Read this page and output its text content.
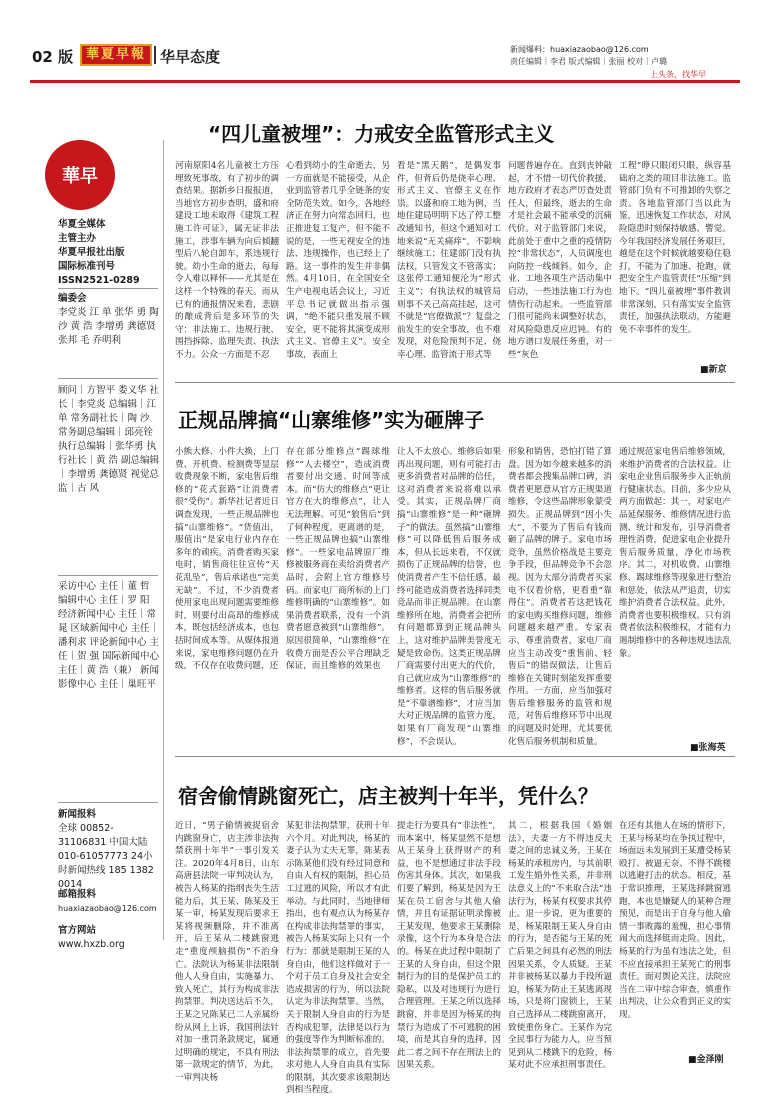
02 版 華夏早報 华早态度	新闻爆料：huaxiazaobao@126.com
责任编辑｜李君 版式编辑｜张丽 校对｜卢璐
上头条，找华早
華早
华夏全媒体
主管主办
华夏早报社出版
国际标准刊号
ISSN2521-0289
编委会
李党炎 江 单 张华 勇 陶 沙 黄 浩 李增勇 龚德贤 张邦 毛 乔明利
顾问｜方智平 娄义华 社长｜李党炎 总编辑｜江 单 常务副社长｜陶 沙 常务副总编辑｜邱亮铨 执行总编辑｜张华勇 执行社长｜黄 浩 副总编辑｜李增勇 龚德贤 视觉总监｜古 风
采访中心 主任｜董 哲 编辑中心 主任｜罗 阳 经济新闻中心 主任｜常 晁 区域新闻中心 主任｜潘利求 评论新闻中心 主任｜贺 强 国际新闻中心 主任｜黄 浩（兼） 新闻影像中心 主任｜巢旺平
新闻报料
全球 00852-31106831 中国大陆 010-61057773 24小时新闻热线 185 1382 0014
邮箱报料
huaxiazaobao@126.com
官方网站
www.hxzb.org
“四儿童被埋”：力戒安全监管形式主义
河南原阳4名儿童被土方压埋致死事故，有了初步的调查结果。据新乡日报报道，当地官方初步查明，盛和府建设工地未取得《建筑工程施工许可证》，属无证非法施工，涉事车辆为向后倾翻型后八轮自卸车，系违规行驶。幼小生命的逝去，每每令人难以释怀——尤其是在这样一个特殊的春天。而从已有的通报情况来看，悲剧的酿成背后是多环节的失守：非法施工、违规行驶、围挡拆除、监理失责、执法不力。公众一方面是不忍
心看到幼小的生命逝去，另一方面就是不能接受，从企业到监管者几乎全链条的安全防范失效。如今，各地经济正在努力向常态回归，也正推进复工复产，但不能不说的是，一些无视安全的违法、违规操作，也已经上了路。这一事件的发生并非偶然。4月10日，在全国安全生产电视电话会议上，习近平总书记就做出指示强调，“绝不能只重发展不顾安全，更不能将其演变成形式主义、官僚主义”。安全事故，表面上
看是“黑天鹅”，是偶发事件，但背后仍是侥幸心理、形式主义、官僚主义在作祟。以盛和府工地为例，当地住建局明明下达了停工整改通知书，但这个通知对工地来说“无关痛痒”，不影响继续施工；住建部门没有执法权，只管发文不管落实；这张停工通知便沦为“形式主义”；有执法权的城管局则事不关己高高挂起，这可不就是“官僚做派”？复盘之前发生的安全事故，也不难发现，对危险预判不足、侥幸心理、监管流于形式等
问题普遍存在。直到丧钟敲起，才不惜一切代价救援，地方政府才表态严厉查处责任人，但最终，逝去的生命才是社会最不能承受的沉痛代价。对于监管部门来说，此前处于重中之重的疫情防控“非常状态”，人员调度也向防控一线倾斜。如今，企业、工地各项生产活动集中启动，一些违法施工行为也情伤行动起来。一些监管部门很可能尚未调整好状态，对风险隐患反应迟钝。有的地方谱口发展任务重，对一些“灰色
工程”睁只眼闭只眼，纵容基础府之类的项目非法施工。监管部门负有不可推卸的失察之责。各地监管部门当以此为鉴，迅速恢复工作状态，对风险隐患时刻保持敏感、警觉。今年我国经济发展任务艰巨，越是在这个时候就越要稳住稳打，不能为了加速、抢跑，就把安全生产监管责任“压缩”到地下。“四儿童被埋”事件教训非常深刻，只有落实安全监管责任，加强执法联动，方能避免不幸事件的发生。
■新京
正规品牌搞“山寨维修”实为砸牌子
小熊大修、小件大换，上门费、开机费、检测费等显层收费现象不断，家电售后维修的“花式套路”让消费者很“受伤”。新华社记者近日调查发现，一些正规品牌也搞“山寨维修”。“货值出，服值出”是家电行业内存在多年的顽疾。消费者购买家电时，销售商往往宣传“天花乱坠”，售后承诺也“完美无缺”。不过，不少消费者使用家电出现问题需要维修时，则要付出高昂的维修成本，既包括经济成本，也包括时间成本等。从媒体报道来说，家电维修问题仍在升级，不仅存在收费问题，还
存在部分维修点“踢球维修”“人去楼空”，造成消费者要付出交通、时间等成本。而“仿大的维修点”更让官方在大的维修点”，让人无法理解。可见“狼售后”到了何种程度。更离谱的是，一些正规品牌也搞“山寨维修”。一些家电品牌原厂维修被服务商在卖给消费者产品时，会附上官方维修号码。而家电厂商所标的上门维修明确的“山寨维修”。如果消费者联系，没有一个消费者愿意被到“山寨维修”。原因很简单，“山寨维修”在收费方面是否公平合理缺乏保证，而且维修的效果也
让人不太放心。维修后如果再出现问题，则有可能打击更多消费者对品牌的信任，这对消费者来说将难以承受。其实，正规品牌厂商搞“山寨维修”是一种“砸牌子”的做法。虽然搞“山寨维修”可以降低售后服务成本，但从长远来看，不仅就损伤了正规品牌的信誉，也使消费者产生不信任感，最终可能造成消费者选择同类竞品而非正规品牌。在山寨维修所在地，消费者会把所有问题都算到正规品牌头上，这对维护品牌美誉度无疑是致命伤。这类正规品牌厂商需要付出更大的代价，自己就应成为“山寨维修”的维修者。这样的售后服务就是“不靠谱维修”，才应当加大对正规品牌的监管力度，如果有厂商发现“山寨维修”，不会误认。
形象和销售，恐怕打错了算盘。因为如今越来越多的消费者都会搜集品牌口碑，消费者更愿意从官方正规渠道维修，令这些品牌形象蒙受损失。正规品牌到“因小失大”，不要为了售后有钱而砸了品牌的牌子。家电市场竞争，虽然价格战是主要竞争手段，但品牌竞争不会忽视。因为大部分消费者买家电不仅看价格，更看重“靠得住”。消费者若这把钱花的家电购买维修问题，维修问题越来越严重。专家表示，尊重消费者，家电厂商应当主动改变“重售前、轻售后”的错误做法，让售后维修在关键时刻能发挥重要作用。一方面，应当加强对售后维修服务的监管和规范，对售后维修环节中出现的问题及时处理，尤其要优化售后服务机制和质量。
通过规范家电售后维修领域，来维护消费者的合法权益。让家电企业售后服务步入正轨前行健康状态。目前，多少应从两方面做起：其一，对家电产品延保服务、维修情况进行监测、统计和发布，引导消费者理性消费，促进家电企业提升售后服务质量，净化市场秩序。其二，对机收费、山寨维修、踢球维修等现象进行整治和惩处，依法从严追责，切实维护消费者合法权益。此外，消费者也要积极维权。只有消费者依法积极维权，才能有力遏制维修中的各种违规违法乱象。
■张海英
宿舍偷情跳窗死亡，店主被判十年半，凭什么？
近日，“男子偷情被捉宿舍内跳窗身亡，店主涉非法拘禁获刑十年半”一事引发关注。2020年4月8日，山东高唐县法院一审判决认为，被告人杨某的指纲丧失生活能力后，其王某、陈某及王某一审，杨某发现后要求王某将视频删除，并不准离开，后王某从二楼跳窗逃走“重度颅脑损伤”不治身亡。法院认为杨某非法限制他人人身自由，实施暴力、致人死亡，其行为构成非法拘禁罪。判决送达后不久，王某之兄陈某已二人亲属纷纷从网上上诉，我国刑法针对加一重罚条款规定，属通过明确的规定，不具有刑法第一款规定的情节，为此，一审判决杨
某犯非法拘禁罪，获刑十年六个月。对此判决，杨某的妻子认为丈夫无罪，陈某表示陈某他们没有经过同意和自由人有权的限制，担心员工过逃的风险，所以才有此举动。与此同时，当地律师指出，也有观点认为杨某存在构成非法拘禁罪的事实，被告人杨某实际上只有一个行为：那就是限制王某的人身自由，他们这样做对于一个对于员工自身及社会安全造成损害的行为，所以法院认定为非法拘禁罪。当然，关于限制人身自由的行为是否构成犯罪，法律是以行为的强度等作为判断标准的。非法拘禁罪的成立，首先要求对他人人身自由具有实际的限制，其次要求该限制达到相当程度。
提走行为要具有“非法性”，而本案中，杨某显然不是想从王某身上获得财产的利益，也不是想通过非法手段伤害其身体。其次，如果我们要了解到，杨某是因为王某在员工宿舍与其他人偷情，并且有证据证明录像被王某发现，他要求王某删除录像，这个行为本身是合法的。杨某在此过程中限制了王某的人身自由，但这个限制行为的目的是保护员工的隐私，以及对违规行为进行合理管理。王某之所以选择跳窗，并非是因为杨某的拘禁行为造成了不可逃脱的困境，而是其自身的选择，因此二者之间不存在刑法上的因果关系。
其二，根据我国《婚姻法》，夫妻一方不得违反夫妻之间的忠诚义务，王某在杨某的承租房内，与其前职工发生婚外性关系，并非刑法意义上的“不来取合法”违法行为，杨某有权要求其停止。退一步说，更为重要的是，杨某限制王某人身自由的行为，是否能与王某的死亡后果之间具有必然的刑法因果关系，令人质疑。王某并非被杨某以暴力手段所逼迫，杨某为防止王某逃离现场，只是将门窗锁上，王某自己选择从二楼跳窗离开，致使重伤身亡。王某作为完全民事行为能力人，应当预见到从二楼跳下的危险，杨某对此不应承担刑事责任。
在还有其他人在场的情形下，王某与杨某均在争执过程中，场面远未发展到王某遭受杨某殴打、被逼无奈、不得不跳楼以逃避打击的状态。相反，基于常识推理，王某选择跳窗逃跑，本也是嫌疑人的某种合理预见，而是出于自身与他人偷情一事败露的羞愧，担心事情闹大而选择铤而走险。因此，杨某的行为虽有违法之处，但不应直接承担王某死亡的刑事责任。面对舆论关注，法院应当在二审中综合审查，慎重作出判决，让公众看到正义的实现。
■金泽刚
